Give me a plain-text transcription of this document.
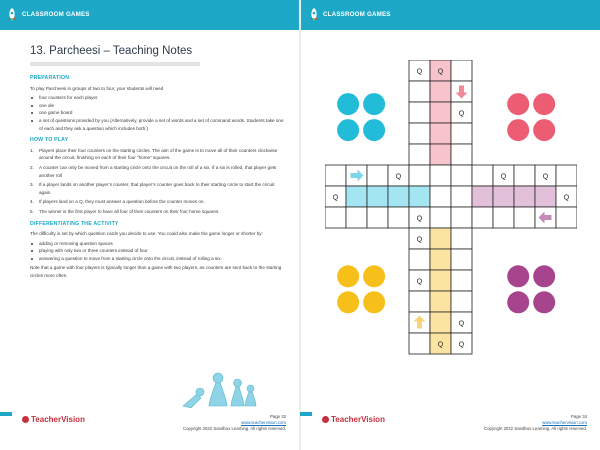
CLASSROOM GAMES	CLASSROOM GAMES
13. Parcheesi – Teaching Notes
PREPARATION
To play Parcheesi in groups of two to four, your students will need
four counters for each player
one die
one game board
a set of questions provided by you (Alternatively, provide a set of words and a set of command words. Students take one of each and they ask a question which includes both.)
HOW TO PLAY
1. Players place their four counters on the starting circles. The aim of the game is to move all of their counters clockwise around the circuit, finishing on each of their four “home” squares.
2. A counter can only be moved from a starting circle onto the circuit on the roll of a six. If a six is rolled, that player gets another roll
3. If a player lands on another player’s counter, that player’s counter goes back to their starting circle to start the circuit again.
4. If players land on a Q, they must answer a question before the counter moves on.
5. The winner is the first player to have all four of their counters on their four home squares.
DIFFERENTIATING THE ACTIVITY
The difficulty is set by which question cards you decide to use. You could also make the game longer or shorter by:
adding or removing question spaces
playing with only two or three counters instead of four
answering a question to move from a starting circle onto the circuit, instead of rolling a six.
Note that a game with four players is typically longer than a game with two players, as counters are sent back to the starting circles more often.
TeacherVision	Page 32
www.teachervision.com
Copyright 2022 Sandbox Learning. All rights reserved.
Q Q
Q
Q	Q	Q
Q	Q
Q
Q
Q
Q
Q Q
TeacherVision	Page 34
www.teachervision.com
Copyright 2022 Sandbox Learning. All rights reserved.
